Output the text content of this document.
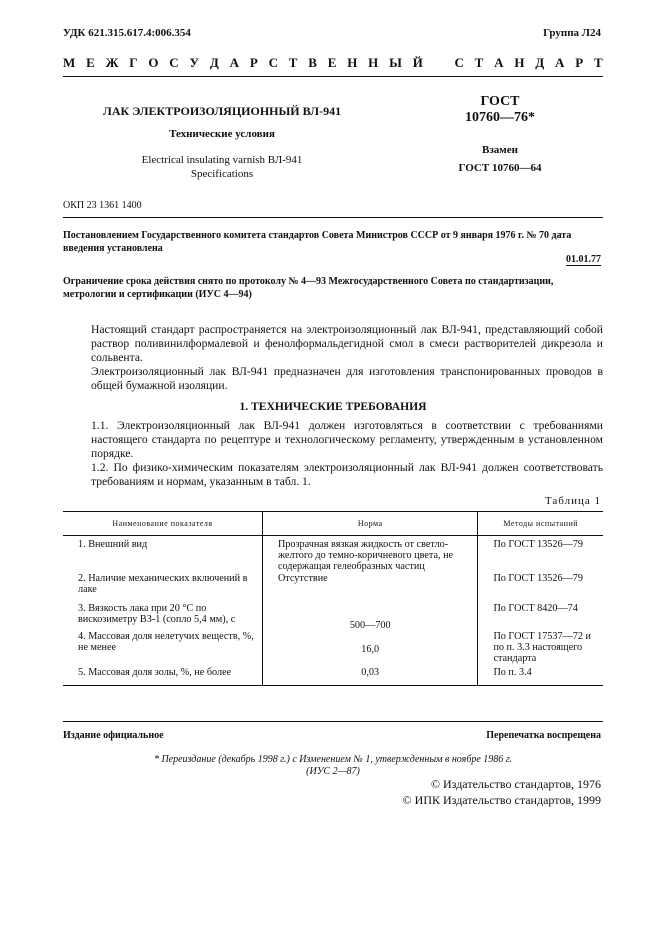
УДК 621.315.617.4:006.354	Группа Л24
М Е Ж Г О С У Д А Р С Т В Е Н Н Ы Й С Т А Н Д А Р Т
ЛАК ЭЛЕКТРОИЗОЛЯЦИОННЫЙ ВЛ-941
Технические условия
Electrical insulating varnish ВЛ-941
Specifications
ГОСТ
10760—76*
Взамен
ГОСТ 10760—64
ОКП 23 1361 1400
Постановлением Государственного комитета стандартов Совета Министров СССР от 9 января 1976 г. № 70 дата введения установлена
01.01.77
Ограничение срока действия снято по протоколу № 4—93 Межгосударственного Совета по стандартизации, метрологии и сертификации (ИУС 4—94)
Настоящий стандарт распространяется на электроизоляционный лак ВЛ-941, представляющий собой раствор поливинилформалевой и фенолформальдегидной смол в смеси растворителей дикрезола и сольвента.
Электроизоляционный лак ВЛ-941 предназначен для изготовления транспонированных проводов в общей бумажной изоляции.
1. ТЕХНИЧЕСКИЕ ТРЕБОВАНИЯ
1.1. Электроизоляционный лак ВЛ-941 должен изготовляться в соответствии с требованиями настоящего стандарта по рецептуре и технологическому регламенту, утвержденным в установленном порядке.
1.2. По физико-химическим показателям электроизоляционный лак ВЛ-941 должен соответствовать требованиям и нормам, указанным в табл. 1.
Таблица 1
Наименование показателя	Норма	Методы испытаний
1. Внешний вид	Прозрачная вязкая жидкость от светло-желтого до темно-коричневого цвета, не содержащая гелеобразных частиц	По ГОСТ 13526—79
2. Наличие механических включений в лаке	Отсутствие	По ГОСТ 13526—79
3. Вязкость лака при 20 °С по вискозиметру ВЗ-1 (сопло 5,4 мм), с	500—700	По ГОСТ 8420—74
4. Массовая доля нелетучих веществ, %, не менее	16,0	По ГОСТ 17537—72 и по п. 3.3 настоящего стандарта
5. Массовая доля золы, %, не более	0,03	По п. 3.4
Издание официальное	Перепечатка воспрещена
* Переиздание (декабрь 1998 г.) с Изменением № 1, утвержденным в ноябре 1986 г.
(ИУС 2—87)
© Издательство стандартов, 1976
© ИПК Издательство стандартов, 1999
